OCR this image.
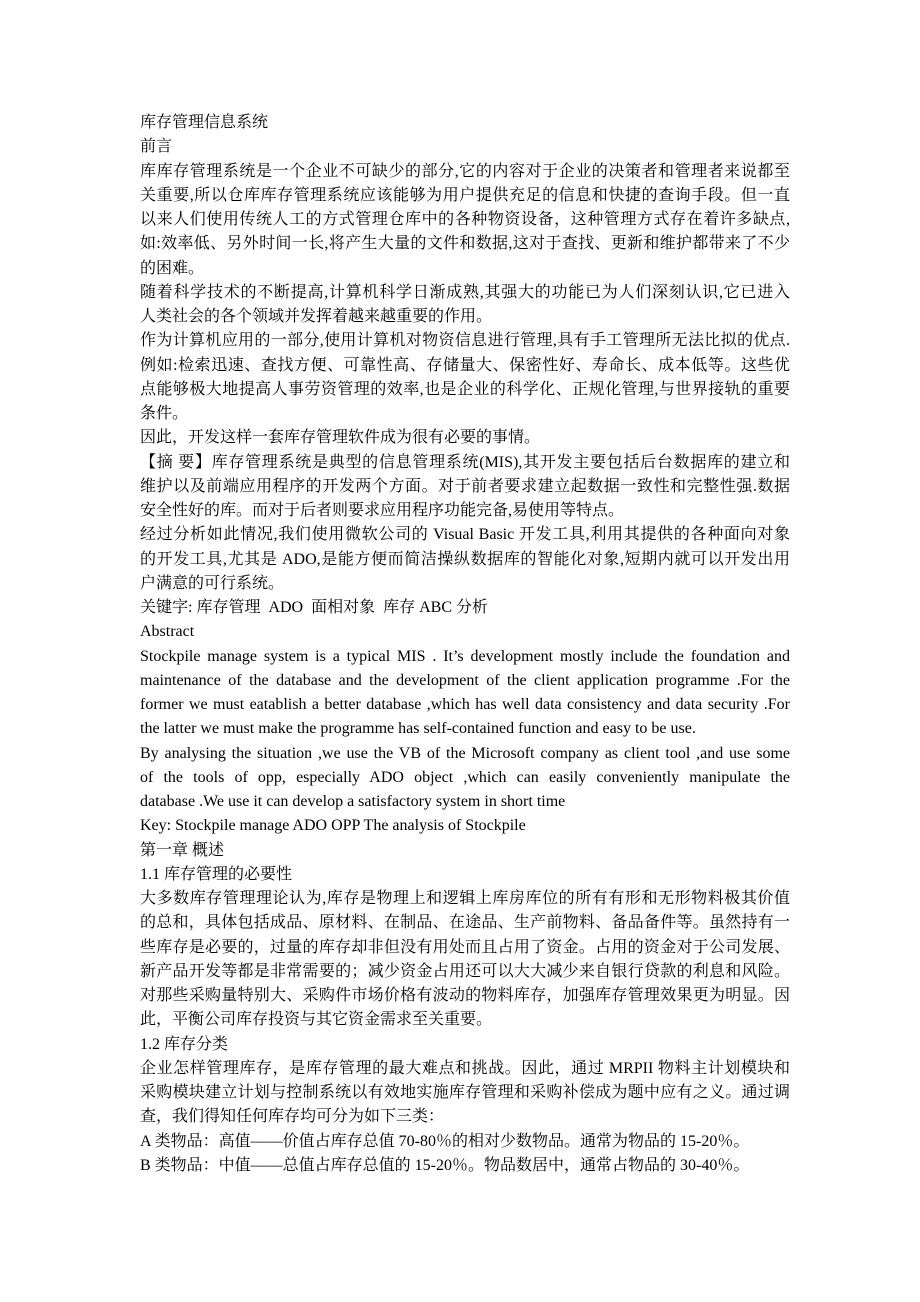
库存管理信息系统
前言
库库存管理系统是一个企业不可缺少的部分,它的内容对于企业的决策者和管理者来说都至
关重要,所以仓库库存管理系统应该能够为用户提供充足的信息和快捷的查询手段。但一直
以来人们使用传统人工的方式管理仓库中的各种物资设备，这种管理方式存在着许多缺点,
如:效率低、另外时间一长,将产生大量的文件和数据,这对于查找、更新和维护都带来了不少
的困难。
随着科学技术的不断提高,计算机科学日渐成熟,其强大的功能已为人们深刻认识,它已进入
人类社会的各个领域并发挥着越来越重要的作用。
作为计算机应用的一部分,使用计算机对物资信息进行管理,具有手工管理所无法比拟的优点.
例如:检索迅速、查找方便、可靠性高、存储量大、保密性好、寿命长、成本低等。这些优
点能够极大地提高人事劳资管理的效率,也是企业的科学化、正规化管理,与世界接轨的重要
条件。
因此，开发这样一套库存管理软件成为很有必要的事情。
【摘 要】库存管理系统是典型的信息管理系统(MIS),其开发主要包括后台数据库的建立和
维护以及前端应用程序的开发两个方面。对于前者要求建立起数据一致性和完整性强.数据
安全性好的库。而对于后者则要求应用程序功能完备,易使用等特点。
经过分析如此情况,我们使用微软公司的 Visual Basic 开发工具,利用其提供的各种面向对象
的开发工具,尤其是 ADO,是能方便而简洁操纵数据库的智能化对象,短期内就可以开发出用
户满意的可行系统。
关键字: 库存管理  ADO  面相对象  库存 ABC 分析
Abstract
Stockpile manage system is a typical MIS . It’s development mostly include the foundation and
maintenance of the database and the development of the client application programme .For the
former we must eatablish a better database ,which has well data consistency and data security .For
the latter we must make the programme has self-contained function and easy to be use.
By analysing the situation ,we use the VB of the Microsoft company as client tool ,and use some
of the tools of opp, especially ADO object ,which can easily conveniently manipulate the
database .We use it can develop a satisfactory system in short time
Key: Stockpile manage ADO OPP The analysis of Stockpile
第一章 概述
1.1 库存管理的必要性
大多数库存管理理论认为,库存是物理上和逻辑上库房库位的所有有形和无形物料极其价值
的总和，具体包括成品、原材料、在制品、在途品、生产前物料、备品备件等。虽然持有一
些库存是必要的，过量的库存却非但没有用处而且占用了资金。占用的资金对于公司发展、
新产品开发等都是非常需要的；减少资金占用还可以大大减少来自银行贷款的利息和风险。
对那些采购量特别大、采购件市场价格有波动的物料库存，加强库存管理效果更为明显。因
此，平衡公司库存投资与其它资金需求至关重要。
1.2 库存分类
企业怎样管理库存，是库存管理的最大难点和挑战。因此，通过 MRPII 物料主计划模块和
采购模块建立计划与控制系统以有效地实施库存管理和采购补偿成为题中应有之义。通过调
查，我们得知任何库存均可分为如下三类：
A 类物品：高值——价值占库存总值 70-80％的相对少数物品。通常为物品的 15-20％。
B 类物品：中值——总值占库存总值的 15-20％。物品数居中，通常占物品的 30-40％。
